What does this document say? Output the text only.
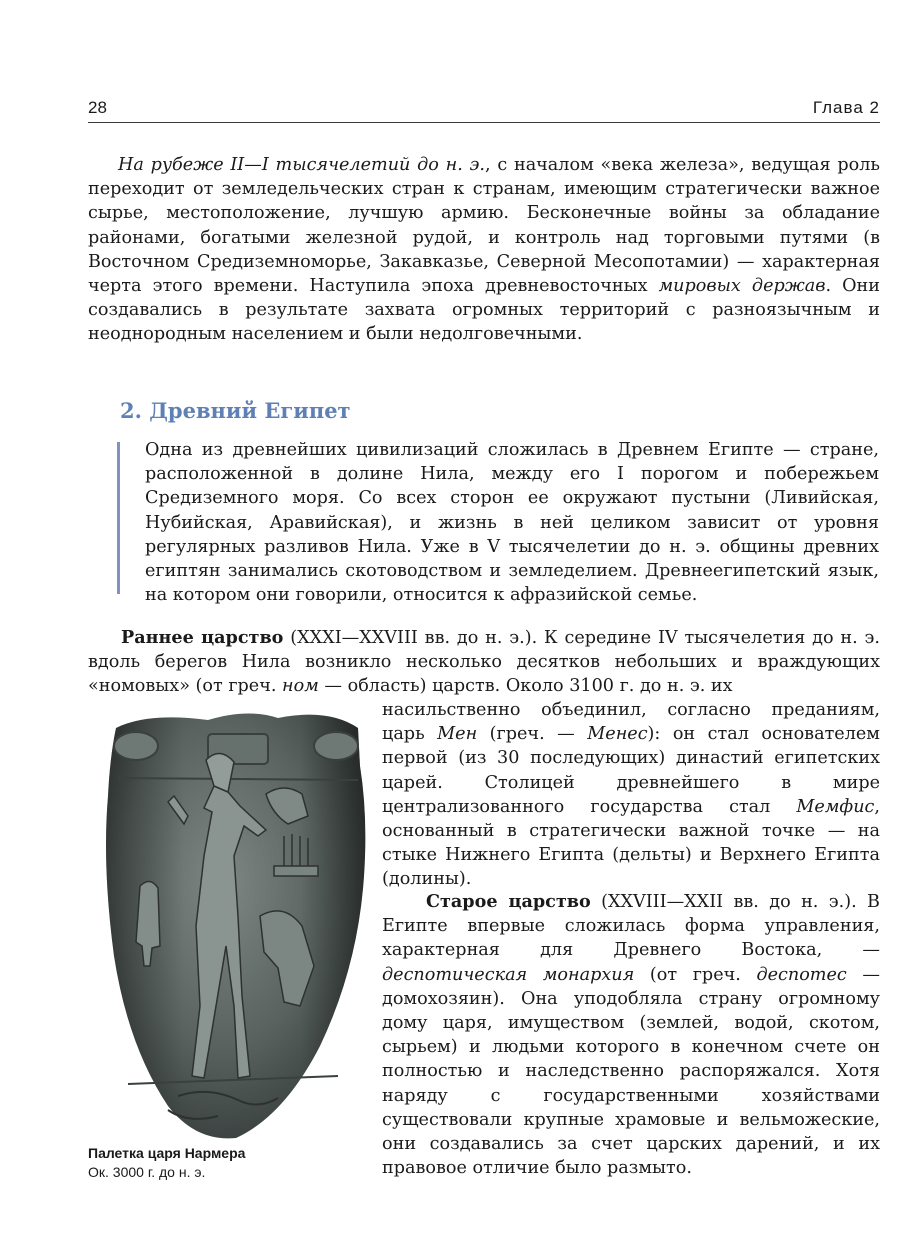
28	Глава 2

На рубеже II—I тысячелетий до н. э., с началом «века железа», ведущая роль переходит от земледельческих стран к странам, имеющим стратегически важное сырье, местоположение, лучшую армию. Бесконечные войны за обладание районами, богатыми железной рудой, и контроль над торговыми путями (в Восточном Средиземноморье, Закавказье, Северной Месопотамии) — характерная черта этого времени. Наступила эпоха древневосточных мировых держав. Они создавались в результате захвата огромных территорий с разноязычным и неоднородным населением и были недолговечными.

2. Древний Египет

Одна из древнейших цивилизаций сложилась в Древнем Египте — стране, расположенной в долине Нила, между его I порогом и побережьем Средиземного моря. Со всех сторон ее окружают пустыни (Ливийская, Нубийская, Аравийская), и жизнь в ней целиком зависит от уровня регулярных разливов Нила. Уже в V тысячелетии до н. э. общины древних египтян занимались скотоводством и земледелием. Древнеегипетский язык, на котором они говорили, относится к афразийской семье.

Раннее царство (XXXI—XXVIII вв. до н. э.). К середине IV тысячелетия до н. э. вдоль берегов Нила возникло несколько десятков небольших и враждующих «номовых» (от греч. ном — область) царств. Около 3100 г. до н. э. их

насильственно объединил, согласно преданиям, царь Мен (греч. — Менес): он стал основателем первой (из 30 последующих) династий египетских царей. Столицей древнейшего в мире централизованного государства стал Мемфис, основанный в стратегически важной точке — на стыке Нижнего Египта (дельты) и Верхнего Египта (долины).

Старое царство (XXVIII—XXII вв. до н. э.). В Египте впервые сложилась форма управления, характерная для Древнего Востока, — деспотическая монархия (от греч. деспотес — домохозяин). Она уподобляла страну огромному дому царя, имуществом (землей, водой, скотом, сырьем) и людьми которого в конечном счете он полностью и наследственно распоряжался. Хотя наряду с государственными хозяйствами существовали крупные храмовые и вельможеские, они создавались за счет царских дарений, и их правовое отличие было размыто.

Палетка царя Нармера
Ок. 3000 г. до н. э.
